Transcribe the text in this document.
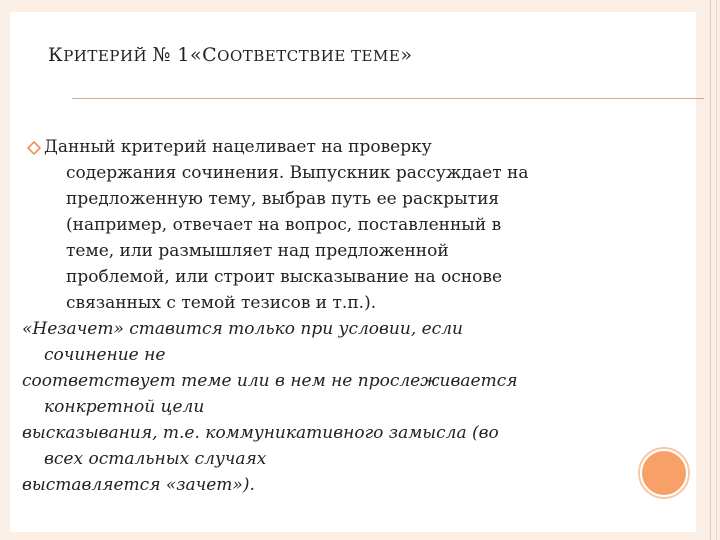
КРИТЕРИЙ № 1«СООТВЕТСТВИЕ ТЕМЕ»
Данный критерий нацеливает на проверку
содержания сочинения. Выпускник рассуждает на
предложенную тему, выбрав путь ее раскрытия
(например, отвечает на вопрос, поставленный в
теме, или размышляет над предложенной
проблемой, или строит высказывание на основе
связанных с темой тезисов и т.п.).
«Незачет» ставится только при условии, если
сочинение не
соответствует теме или в нем не прослеживается
конкретной цели
высказывания, т.е. коммуникативного замысла (во
всех остальных случаях
выставляется «зачет»).
